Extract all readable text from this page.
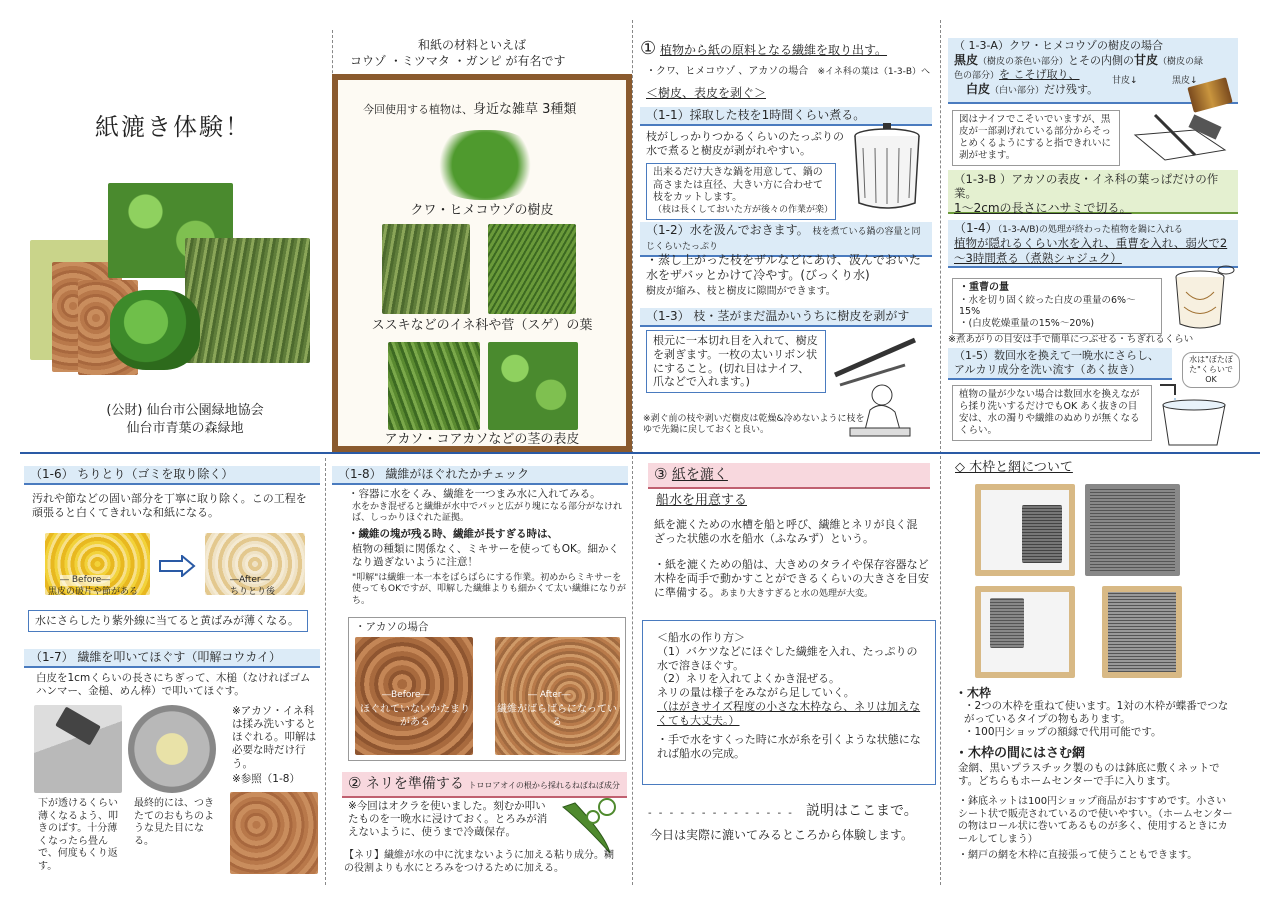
紙漉き体験！
(公財) 仙台市公園緑地協会
仙台市青葉の森緑地
和紙の材料といえば
コウゾ ・ミツマタ ・ガンピ が有名です
今回使用する植物は、身近な雑草 3種類
クワ・ヒメコウゾの樹皮
ススキなどのイネ科や菅（スゲ）の葉
アカソ・コアカソなどの茎の表皮
① 植物から紙の原料となる繊維を取り出す。
・クワ、ヒメコウゾ 、アカソの場合 ※イネ科の葉は（1-3-B）へ
＜樹皮、表皮を剥ぐ＞
（1-1）採取した枝を1時間くらい煮る。
枝がしっかりつかるくらいのたっぷりの水で煮ると樹皮が剥がれやすい。
出来るだけ大きな鍋を用意して、鍋の高さまたは直径、大きい方に合わせて枝をカットします。
（枝は長くしておいた方が後々の作業が楽）
（1-2）水を汲んでおきます。 枝を煮ている鍋の容量と同じくらいたっぷり
・蒸し上がった枝をザルなどにあけ、汲んでおいた水をザバッとかけて冷やす。(びっくり水)
樹皮が縮み、枝と樹皮に隙間ができます。
（1-3） 枝・茎がまだ温かいうちに樹皮を剥がす
根元に一本切れ目を入れて、樹皮を剥ぎます。一枚の太いリボン状にすること。(切れ目はナイフ、爪などで入れます。)
※剥ぐ前の枝や剥いだ樹皮は乾燥&冷めないように枝をゆで先鍋に戻しておくと良い。
（ 1-3-A）クワ・ヒメコウゾの樹皮の場合
黒皮（樹皮の茶色い部分）とその内側の甘皮（樹皮の緑色の部分）を こそげ取り、
白皮（白い部分）だけ残す。
甘皮↓	黒皮↓
図はナイフでこそいでいますが、黒皮が一部剥げれている部分からそっとめくるようにすると指できれいに剥がせます。
（1-3-B ）アカソの表皮・イネ科の葉っぱだけの作業。
1～2cmの長さにハサミで切る。
（1-4）（1-3-A/B)の処理が終わった植物を鍋に入れる
植物が隠れるくらい水を入れ、重曹を入れ、弱火で2～3時間煮る（煮熟シャジュク）
・重曹の量
・水を切り固く絞った白皮の重量の6%～15%
・(白皮乾燥重量の15%～20%)
※煮あがりの目安は手で簡単につぶせる・ちぎれるくらい
（1-5）数回水を換えて一晩水にさらし、アルカリ成分を洗い流す（あく抜き）
水は"ぼたぼた"くらいでOK
植物の量が少ない場合は数回水を換えながら揉り洗いするだけでもOK あく抜きの目安は、水の濁りや繊維のぬめりが無くなるくらい。
（1-6） ちりとり（ゴミを取り除く）
汚れや節などの固い部分を丁寧に取り除く。この工程を頑張ると白くてきれいな和紙になる。
― Before―
黒皮の破片や節がある
―After―
ちりとり後
水にさらしたり紫外線に当てると黄ばみが薄くなる。
（1-7） 繊維を叩いてほぐす（叩解コウカイ）
白皮を1cmくらいの長さにちぎって、木槌（なければゴムハンマー、金槌、めん棒）で叩いてほぐす。
※アカソ・イネ科は揉み洗いするとほぐれる。叩解は必要な時だけ行う。
※参照（1-8）
下が透けるくらい薄くなるよう、叩きのばす。十分薄くなったら畳んで、何度もくり返す。
最終的には、つきたてのおもちのような見た目になる。
（1-8） 繊維がほぐれたかチェック
・容器に水をくみ、繊維を一つまみ水に入れてみる。
水をかき混ぜると繊維が水中でパッと広がり塊になる部分がなければ、しっかりほぐれた証拠。
・繊維の塊が残る時、繊維が長すぎる時は、
植物の種類に関係なく、ミキサーを使ってもOK。細かくなり過ぎないように注意！
"叩解"は繊維一本一本をばらばらにする作業。初めからミキサーを使ってもOKですが、叩解した繊維よりも細かくて太い繊維になりがち。
・アカソの場合
―Before―
ほぐれていないかたまりがある
― After―
繊維がばらばらになっている
② ネリを準備する トロロアオイの根から採れるねばねば成分
※今回はオクラを使いました。刻むか叩いたものを一晩水に浸けておく。とろみが消えないように、使うまで冷蔵保存。
【ネリ】繊維が水の中に沈まないように加える粘り成分。糊の役割よりも水にとろみをつけるために加える。
③ 紙を漉く
船水を用意する
紙を漉くための水槽を船と呼び、繊維とネリが良く混ざった状態の水を船水（ふなみず）という。
・紙を漉くための船は、大きめのタライや保存容器など木枠を両手で動かすことができるくらいの大きさを目安に準備する。あまり大きすぎると水の処理が大変。
＜船水の作り方＞
（1）バケツなどにほぐした繊維を入れ、たっぷりの水で溶きほぐす。
（2）ネリを入れてよくかき混ぜる。
ネリの量は様子をみながら足していく。
（はがきサイズ程度の小さな木枠なら、ネリは加えなくても大丈夫。）
・手で水をすくった時に水が糸を引くような状態になれば船水の完成。
- - - - - - - - - - - - - - 説明はここまで。
今日は実際に漉いてみるところから体験します。
◇ 木枠と網について
・木枠
・2つの木枠を重ねて使います。1対の木枠が蝶番でつながっているタイプの物もあります。
・100円ショップの額縁で代用可能です。
・木枠の間にはさむ網
金網、黒いプラスチック製のものは鉢底に敷くネットです。どちらもホームセンターで手に入ります。
・鉢底ネットは100円ショップ商品がおすすめです。小さいシート状で販売されているので使いやすい。（ホームセンターの物はロール状に巻いてあるものが多く、使用するときにカールしてしまう）
・網戸の網を木枠に直接張って使うこともできます。
